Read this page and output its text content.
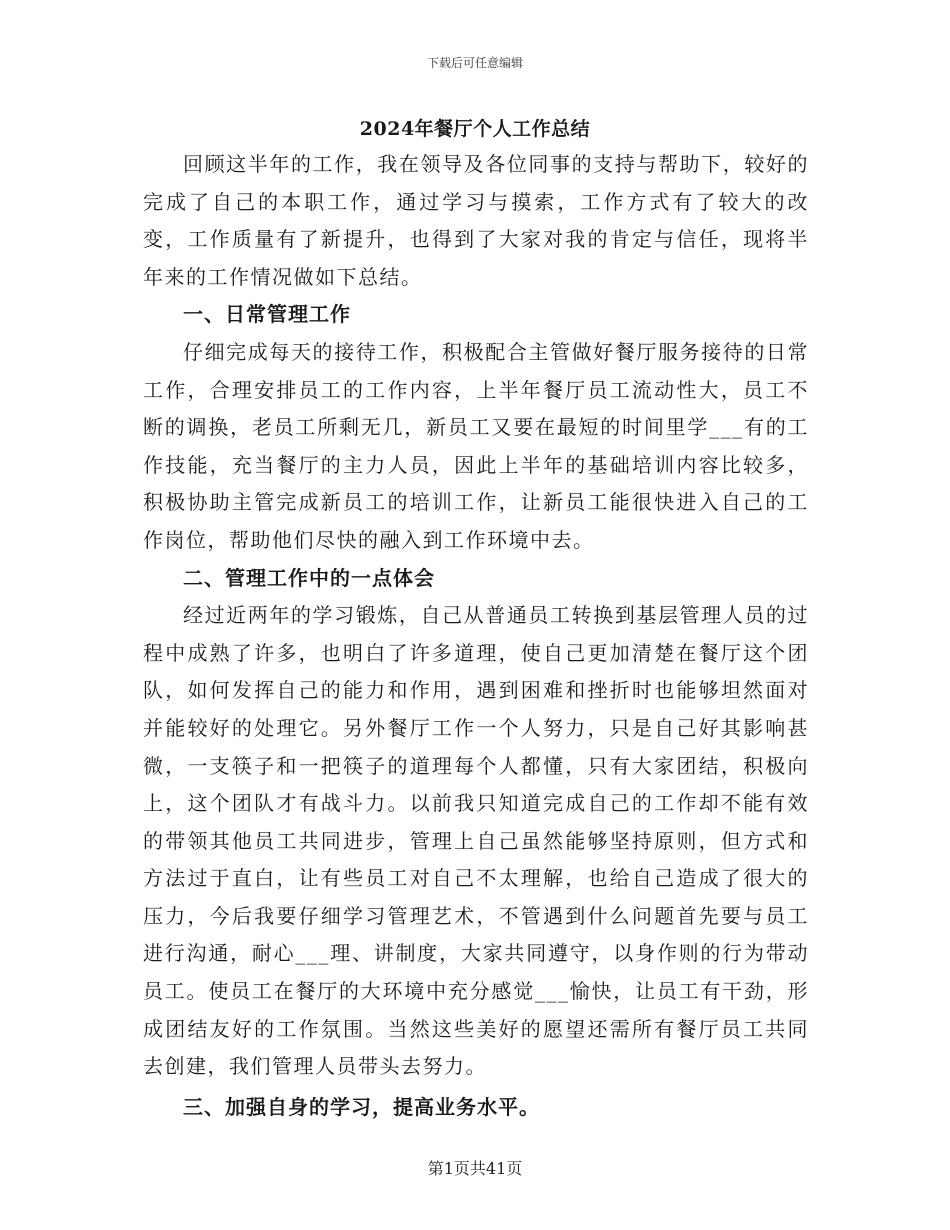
下载后可任意编辑
2024年餐厅个人工作总结

回顾这半年的工作，我在领导及各位同事的支持与帮助下，较好的完成了自己的本职工作，通过学习与摸索，工作方式有了较大的改变，工作质量有了新提升，也得到了大家对我的肯定与信任，现将半年来的工作情况做如下总结。

一、日常管理工作

仔细完成每天的接待工作，积极配合主管做好餐厅服务接待的日常工作，合理安排员工的工作内容，上半年餐厅员工流动性大，员工不断的调换，老员工所剩无几，新员工又要在最短的时间里学___有的工作技能，充当餐厅的主力人员，因此上半年的基础培训内容比较多，积极协助主管完成新员工的培训工作，让新员工能很快进入自己的工作岗位，帮助他们尽快的融入到工作环境中去。

二、管理工作中的一点体会

经过近两年的学习锻炼，自己从普通员工转换到基层管理人员的过程中成熟了许多，也明白了许多道理，使自己更加清楚在餐厅这个团队，如何发挥自己的能力和作用，遇到困难和挫折时也能够坦然面对并能较好的处理它。另外餐厅工作一个人努力，只是自己好其影响甚微，一支筷子和一把筷子的道理每个人都懂，只有大家团结，积极向上，这个团队才有战斗力。以前我只知道完成自己的工作却不能有效的带领其他员工共同进步，管理上自己虽然能够坚持原则，但方式和方法过于直白，让有些员工对自己不太理解，也给自己造成了很大的压力，今后我要仔细学习管理艺术，不管遇到什么问题首先要与员工进行沟通，耐心___理、讲制度，大家共同遵守，以身作则的行为带动员工。使员工在餐厅的大环境中充分感觉___愉快，让员工有干劲，形成团结友好的工作氛围。当然这些美好的愿望还需所有餐厅员工共同去创建，我们管理人员带头去努力。

三、加强自身的学习，提高业务水平。

第1页共41页
